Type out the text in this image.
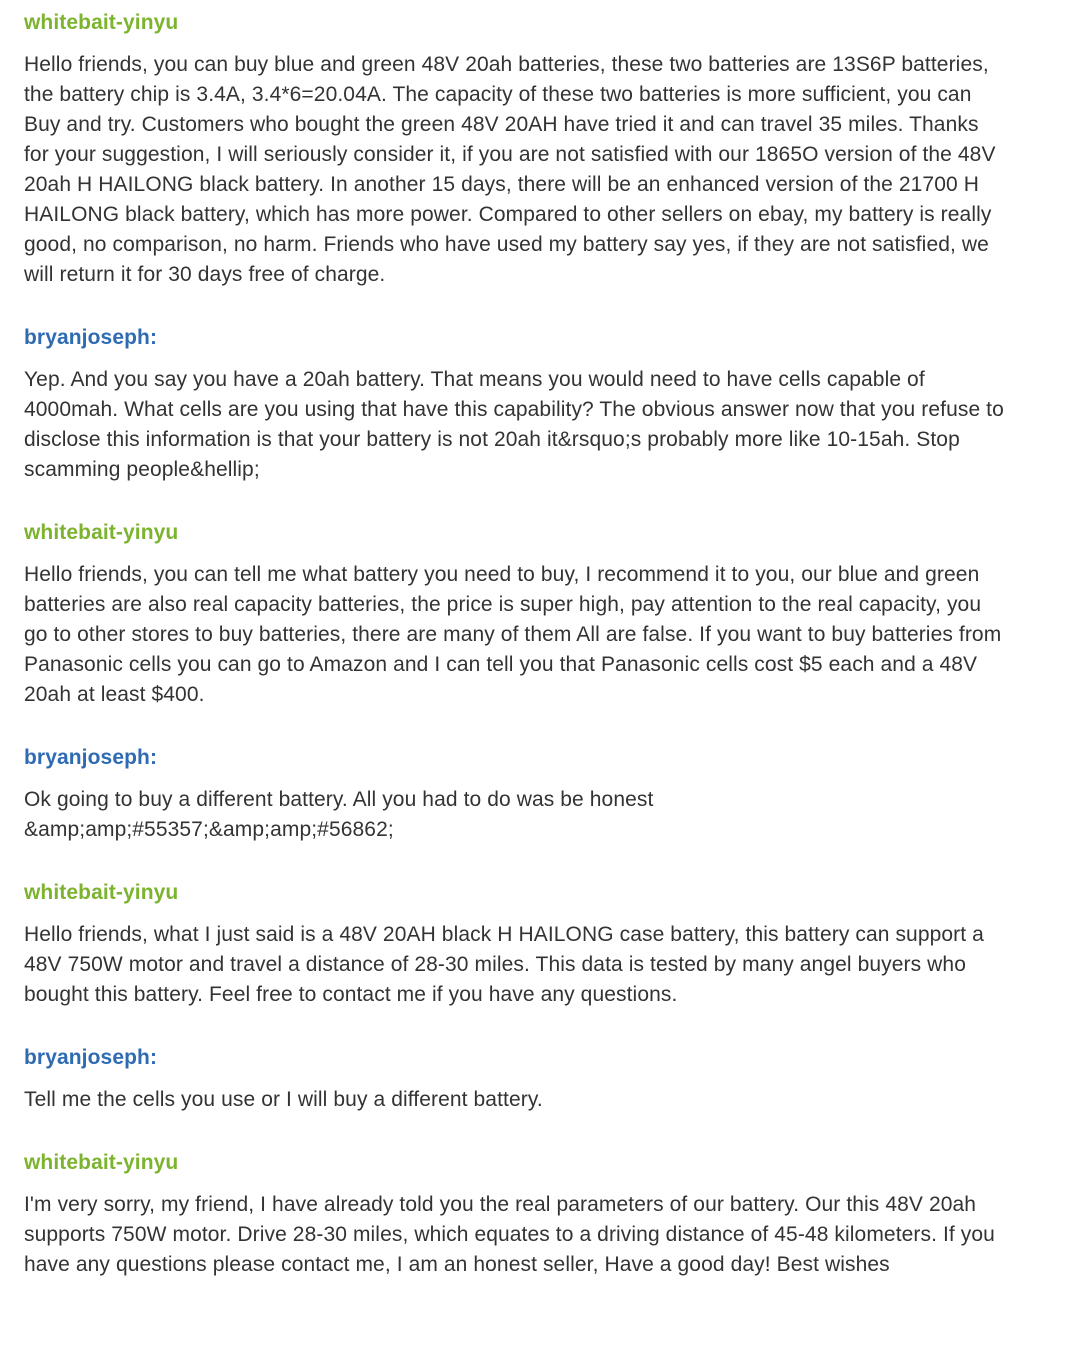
whitebait-yinyu

Hello friends, you can buy blue and green 48V 20ah batteries, these two batteries are 13S6P batteries, the battery chip is 3.4A, 3.4*6=20.04A. The capacity of these two batteries is more sufficient, you can Buy and try. Customers who bought the green 48V 20AH have tried it and can travel 35 miles. Thanks for your suggestion, I will seriously consider it, if you are not satisfied with our 1865O version of the 48V 20ah H HAILONG black battery. In another 15 days, there will be an enhanced version of the 21700 H HAILONG black battery, which has more power. Compared to other sellers on ebay, my battery is really good, no comparison, no harm. Friends who have used my battery say yes, if they are not satisfied, we will return it for 30 days free of charge.

bryanjoseph:

Yep. And you say you have a 20ah battery. That means you would need to have cells capable of 4000mah. What cells are you using that have this capability? The obvious answer now that you refuse to disclose this information is that your battery is not 20ah it&rsquo;s probably more like 10-15ah. Stop scamming people&hellip;

whitebait-yinyu

Hello friends, you can tell me what battery you need to buy, I recommend it to you, our blue and green batteries are also real capacity batteries, the price is super high, pay attention to the real capacity, you go to other stores to buy batteries, there are many of them All are false. If you want to buy batteries from Panasonic cells you can go to Amazon and I can tell you that Panasonic cells cost $5 each and a 48V 20ah at least $400.

bryanjoseph:

Ok going to buy a different battery. All you had to do was be honest &amp;amp;#55357;&amp;amp;#56862;

whitebait-yinyu

Hello friends, what I just said is a 48V 20AH black H HAILONG case battery, this battery can support a 48V 750W motor and travel a distance of 28-30 miles. This data is tested by many angel buyers who bought this battery. Feel free to contact me if you have any questions.

bryanjoseph:

Tell me the cells you use or I will buy a different battery.

whitebait-yinyu

I'm very sorry, my friend, I have already told you the real parameters of our battery. Our this 48V 20ah supports 750W motor. Drive 28-30 miles, which equates to a driving distance of 45-48 kilometers. If you have any questions please contact me, I am an honest seller, Have a good day! Best wishes
